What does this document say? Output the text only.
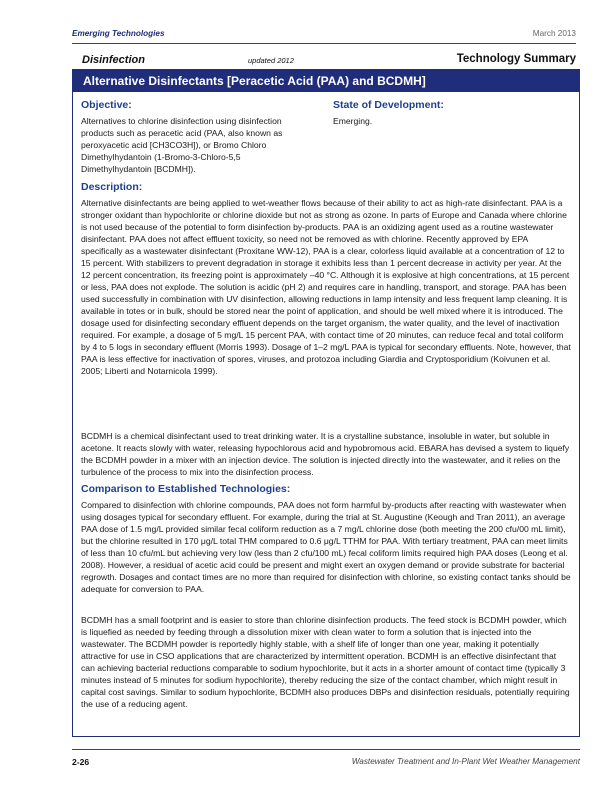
Emerging Technologies	March 2013
Disinfection	updated 2012	Technology Summary
Alternative Disinfectants [Peracetic Acid (PAA) and BCDMH]
Objective:
Alternatives to chlorine disinfection using disinfection products such as peracetic acid (PAA, also known as peroxyacetic acid [CH3CO3H]), or Bromo Chloro Dimethylhydantoin (1-Bromo-3-Chloro-5,5 Dimethylhydantoin [BCDMH]).
State of Development:
Emerging.
Description:
Alternative disinfectants are being applied to wet-weather flows because of their ability to act as high-rate disinfectant. PAA is a stronger oxidant than hypochlorite or chlorine dioxide but not as strong as ozone. In parts of Europe and Canada where chlorine is not used because of the potential to form disinfection by-products. PAA is an oxidizing agent used as a routine wastewater disinfectant. PAA does not affect effluent toxicity, so need not be removed as with chlorine. Recently approved by EPA specifically as a wastewater disinfectant (Proxitane WW-12), PAA is a clear, colorless liquid available at a concentration of 12 to 15 percent. With stabilizers to prevent degradation in storage it exhibits less than 1 percent decrease in activity per year. At the 12 percent concentration, its freezing point is approximately –40 °C. Although it is explosive at high concentrations, at 15 percent or less, PAA does not explode. The solution is acidic (pH 2) and requires care in handling, transport, and storage. PAA has been used successfully in combination with UV disinfection, allowing reductions in lamp intensity and less frequent lamp cleaning. It is available in totes or in bulk, should be stored near the point of application, and should be well mixed where it is introduced. The dosage used for disinfecting secondary effluent depends on the target organism, the water quality, and the level of inactivation required. For example, a dosage of 5 mg/L 15 percent PAA, with contact time of 20 minutes, can reduce fecal and total coliform by 4 to 5 logs in secondary effluent (Morris 1993). Dosage of 1–2 mg/L PAA is typical for secondary effluents. Note, however, that PAA is less effective for inactivation of spores, viruses, and protozoa including Giardia and Cryptosporidium (Koivunen et al. 2005; Liberti and Notarnicola 1999).
BCDMH is a chemical disinfectant used to treat drinking water. It is a crystalline substance, insoluble in water, but soluble in acetone. It reacts slowly with water, releasing hypochlorous acid and hypobromous acid. EBARA has devised a system to liquefy the BCDMH powder in a mixer with an injection device. The solution is injected directly into the wastewater, and it relies on the turbulence of the process to mix into the disinfection process.
Comparison to Established Technologies:
Compared to disinfection with chlorine compounds, PAA does not form harmful by-products after reacting with wastewater when using dosages typical for secondary effluent. For example, during the trial at St. Augustine (Keough and Tran 2011), an average PAA dose of 1.5 mg/L provided similar fecal coliform reduction as a 7 mg/L chlorine dose (both meeting the 200 cfu/00 mL limit), but the chlorine resulted in 170 μg/L total THM compared to 0.6 μg/L TTHM for PAA. With tertiary treatment, PAA can meet limits of less than 10 cfu/mL but achieving very low (less than 2 cfu/100 mL) fecal coliform limits required high PAA doses (Leong et al. 2008). However, a residual of acetic acid could be present and might exert an oxygen demand or provide substrate for bacterial regrowth. Dosages and contact times are no more than required for disinfection with chlorine, so existing contact tanks should be adequate for conversion to PAA.
BCDMH has a small footprint and is easier to store than chlorine disinfection products. The feed stock is BCDMH powder, which is liquefied as needed by feeding through a dissolution mixer with clean water to form a solution that is injected into the wastewater. The BCDMH powder is reportedly highly stable, with a shelf life of longer than one year, making it potentially attractive for use in CSO applications that are characterized by intermittent operation. BCDMH is an effective disinfectant that can achieving bacterial reductions comparable to sodium hypochlorite, but it acts in a shorter amount of contact time (typically 3 minutes instead of 5 minutes for sodium hypochlorite), thereby reducing the size of the contact chamber, which might result in capital cost savings. Similar to sodium hypochlorite, BCDMH also produces DBPs and disinfection residuals, potentially requiring the use of a reducing agent.
2-26	Wastewater Treatment and In-Plant Wet Weather Management
